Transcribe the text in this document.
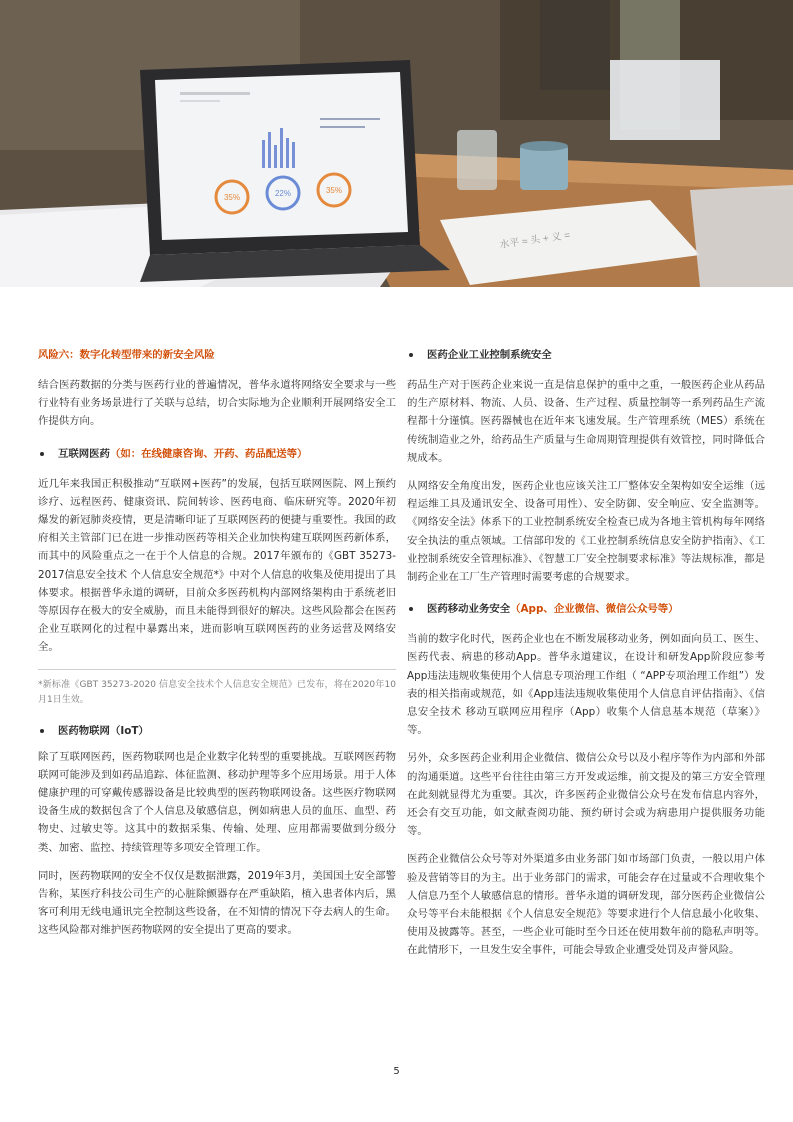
35%	22%	35%
水平 ≈ 头 + 义 =
风险六：数字化转型带来的新安全风险

结合医药数据的分类与医药行业的普遍情况，普华永道将网络安全要求与一些行业特有业务场景进行了关联与总结，切合实际地为企业顺利开展网络安全工作提供方向。

互联网医药 （如：在线健康咨询、开药、药品配送等）

近几年来我国正积极推动“互联网+医药”的发展，包括互联网医院、网上预约诊疗、远程医药、健康资讯、院间转诊、医药电商、临床研究等。2020年初爆发的新冠肺炎疫情，更是清晰印证了互联网医药的便捷与重要性。我国的政府相关主管部门已在进一步推动医药等相关企业加快构建互联网医药新体系，而其中的风险重点之一在于个人信息的合规。2017年颁布的《GBT 35273-2017信息安全技术 个人信息安全规范*》中对个人信息的收集及使用提出了具体要求。根据普华永道的调研，目前众多医药机构内部网络架构由于系统老旧等原因存在极大的安全威胁，而且未能得到很好的解决。这些风险都会在医药企业互联网化的过程中暴露出来，进而影响互联网医药的业务运营及网络安全。

*新标准《GBT 35273-2020 信息安全技术个人信息安全规范》已发布，将在2020年10月1日生效。

医药物联网（IoT）

除了互联网医药，医药物联网也是企业数字化转型的重要挑战。互联网医药物联网可能涉及到如药品追踪、体征监测、移动护理等多个应用场景。用于人体健康护理的可穿戴传感器设备是比较典型的医药物联网设备。这些医疗物联网设备生成的数据包含了个人信息及敏感信息，例如病患人员的血压、血型、药物史、过敏史等。这其中的数据采集、传输、处理、应用都需要做到分级分类、加密、监控、持续管理等多项安全管理工作。

同时，医药物联网的安全不仅仅是数据泄露，2019年3月，美国国土安全部警告称，某医疗科技公司生产的心脏除颤器存在严重缺陷，植入患者体内后，黑客可利用无线电通讯完全控制这些设备，在不知情的情况下夺去病人的生命。这些风险都对维护医药物联网的安全提出了更高的要求。

医药企业工业控制系统安全

药品生产对于医药企业来说一直是信息保护的重中之重，一般医药企业从药品的生产原材料、物流、人员、设备、生产过程、质量控制等一系列药品生产流程都十分谨慎。医药器械也在近年来飞速发展。生产管理系统（MES）系统在传统制造业之外，给药品生产质量与生命周期管理提供有效管控，同时降低合规成本。

从网络安全角度出发，医药企业也应该关注工厂整体安全架构如安全运维（远程运维工具及通讯安全、设备可用性）、安全防御、安全响应、安全监测等。《网络安全法》体系下的工业控制系统安全检查已成为各地主管机构每年网络安全执法的重点领域。工信部印发的《工业控制系统信息安全防护指南》、《工业控制系统安全管理标准》、《智慧工厂安全控制要求标准》等法规标准，都是制药企业在工厂生产管理时需要考虑的合规要求。

医药移动业务安全 （App、企业微信、微信公众号等）

当前的数字化时代，医药企业也在不断发展移动业务，例如面向员工、医生、医药代表、病患的移动App。普华永道建议，在设计和研发App阶段应参考App违法违规收集使用个人信息专项治理工作组（ “APP专项治理工作组”）发表的相关指南或规范，如《App违法违规收集使用个人信息自评估指南》、《信息安全技术 移动互联网应用程序（App）收集个人信息基本规范（草案）》等。

另外，众多医药企业利用企业微信、微信公众号以及小程序等作为内部和外部的沟通渠道。这些平台往往由第三方开发或运维，前文提及的第三方安全管理在此刻就显得尤为重要。其次，许多医药企业微信公众号在发布信息内容外，还会有交互功能，如文献查阅功能、预约研讨会或为病患用户提供服务功能等。

医药企业微信公众号等对外渠道多由业务部门如市场部门负责，一般以用户体验及营销等目的为主。出于业务部门的需求，可能会存在过量或不合理收集个人信息乃至个人敏感信息的情形。普华永道的调研发现，部分医药企业微信公众号等平台未能根据《个人信息安全规范》等要求进行个人信息最小化收集、使用及披露等。甚至，一些企业可能时至今日还在使用数年前的隐私声明等。在此情形下，一旦发生安全事件，可能会导致企业遭受处罚及声誉风险。

5
